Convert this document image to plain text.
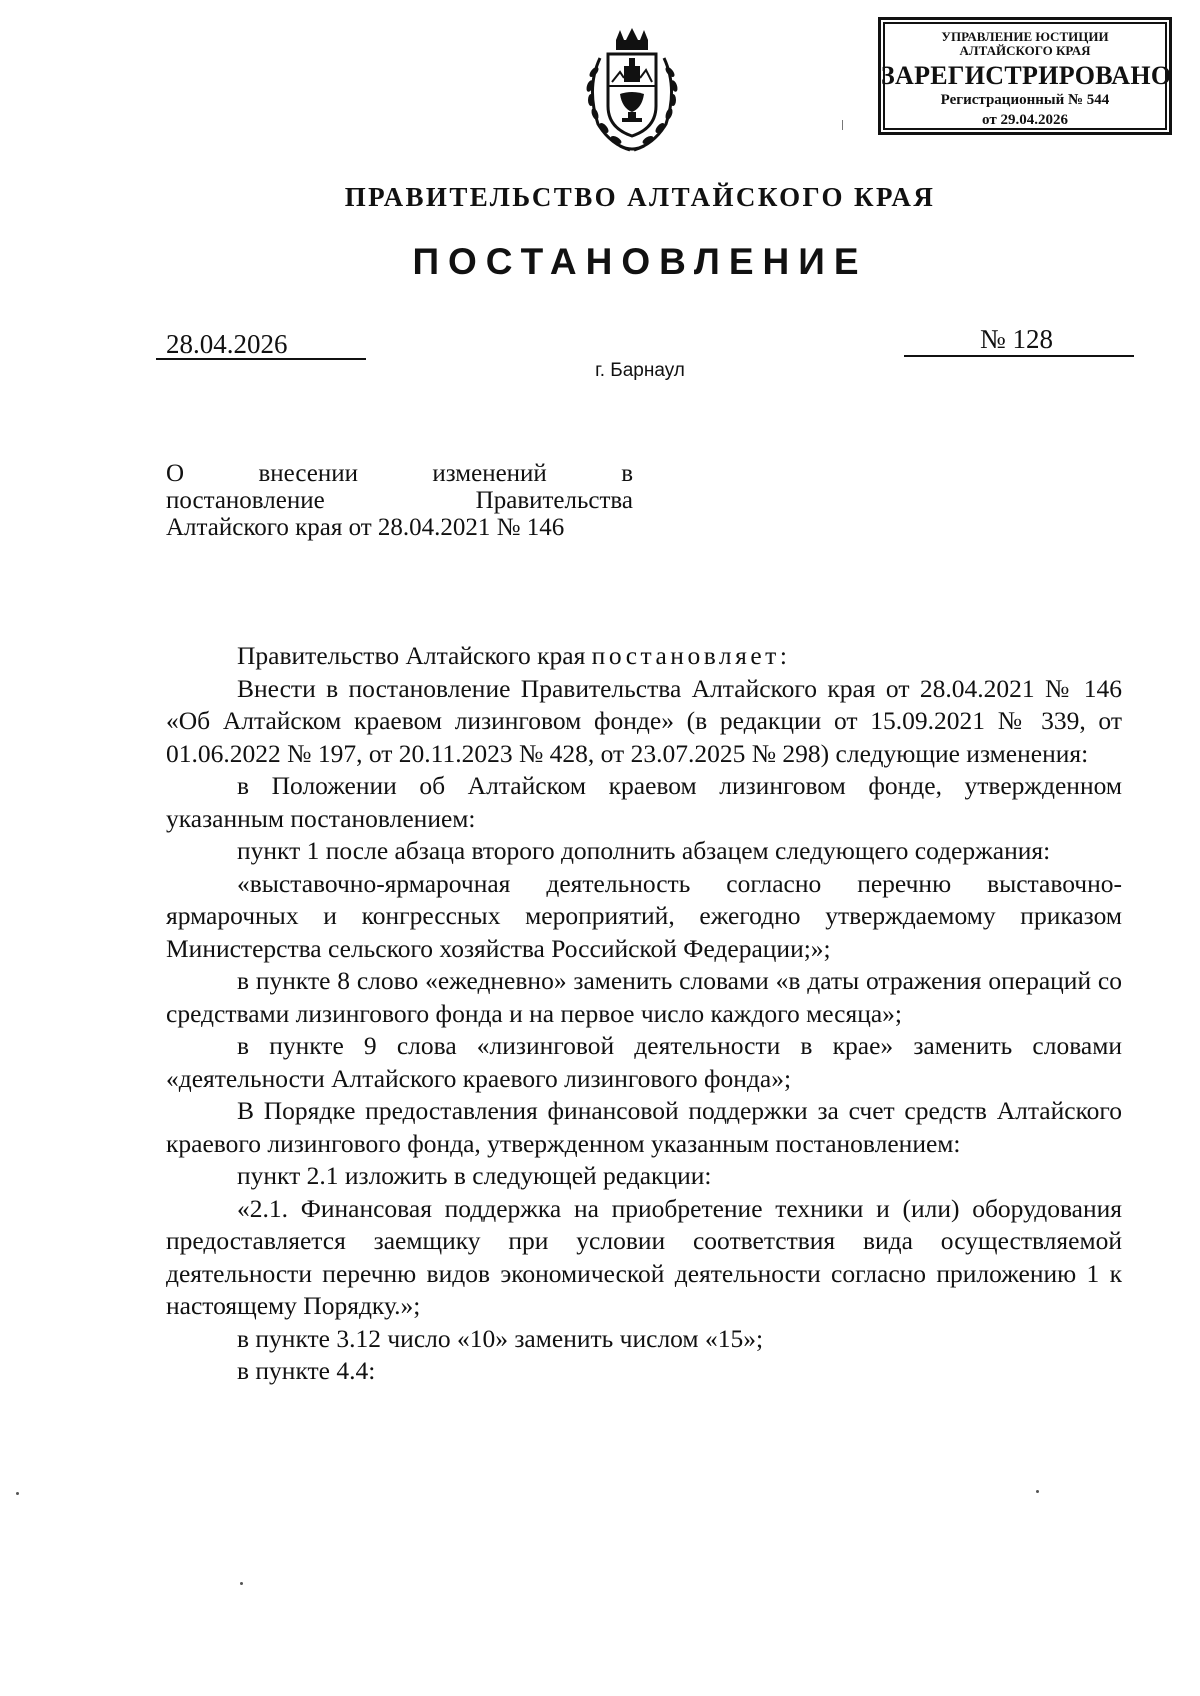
УПРАВЛЕНИЕ ЮСТИЦИИ
АЛТАЙСКОГО КРАЯ
ЗАРЕГИСТРИРОВАНО
Регистрационный № 544
от 29.04.2026
ПРАВИТЕЛЬСТВО АЛТАЙСКОГО КРАЯ
ПОСТАНОВЛЕНИЕ
28.04.2026	№ 128
г. Барнаул
О внесении изменений в
постановление Правительства
Алтайского края от 28.04.2021 № 146

Правительство Алтайского края постановляет:

Внести в постановление Правительства Алтайского края от 28.04.2021 № 146 «Об Алтайском краевом лизинговом фонде» (в редакции от 15.09.2021 № 339, от 01.06.2022 № 197, от 20.11.2023 № 428, от 23.07.2025 № 298) следующие изменения:

в Положении об Алтайском краевом лизинговом фонде, утвержденном указанным постановлением:

пункт 1 после абзаца второго дополнить абзацем следующего содержания:

«выставочно-ярмарочная деятельность согласно перечню выставочно-ярмарочных и конгрессных мероприятий, ежегодно утверждаемому приказом Министерства сельского хозяйства Российской Федерации;»;

в пункте 8 слово «ежедневно» заменить словами «в даты отражения операций со средствами лизингового фонда и на первое число каждого месяца»;

в пункте 9 слова «лизинговой деятельности в крае» заменить словами «деятельности Алтайского краевого лизингового фонда»;

В Порядке предоставления финансовой поддержки за счет средств Алтайского краевого лизингового фонда, утвержденном указанным постановлением:

пункт 2.1 изложить в следующей редакции:

«2.1. Финансовая поддержка на приобретение техники и (или) оборудования предоставляется заемщику при условии соответствия вида осуществляемой деятельности перечню видов экономической деятельности согласно приложению 1 к настоящему Порядку.»;

в пункте 3.12 число «10» заменить числом «15»;

в пункте 4.4:
